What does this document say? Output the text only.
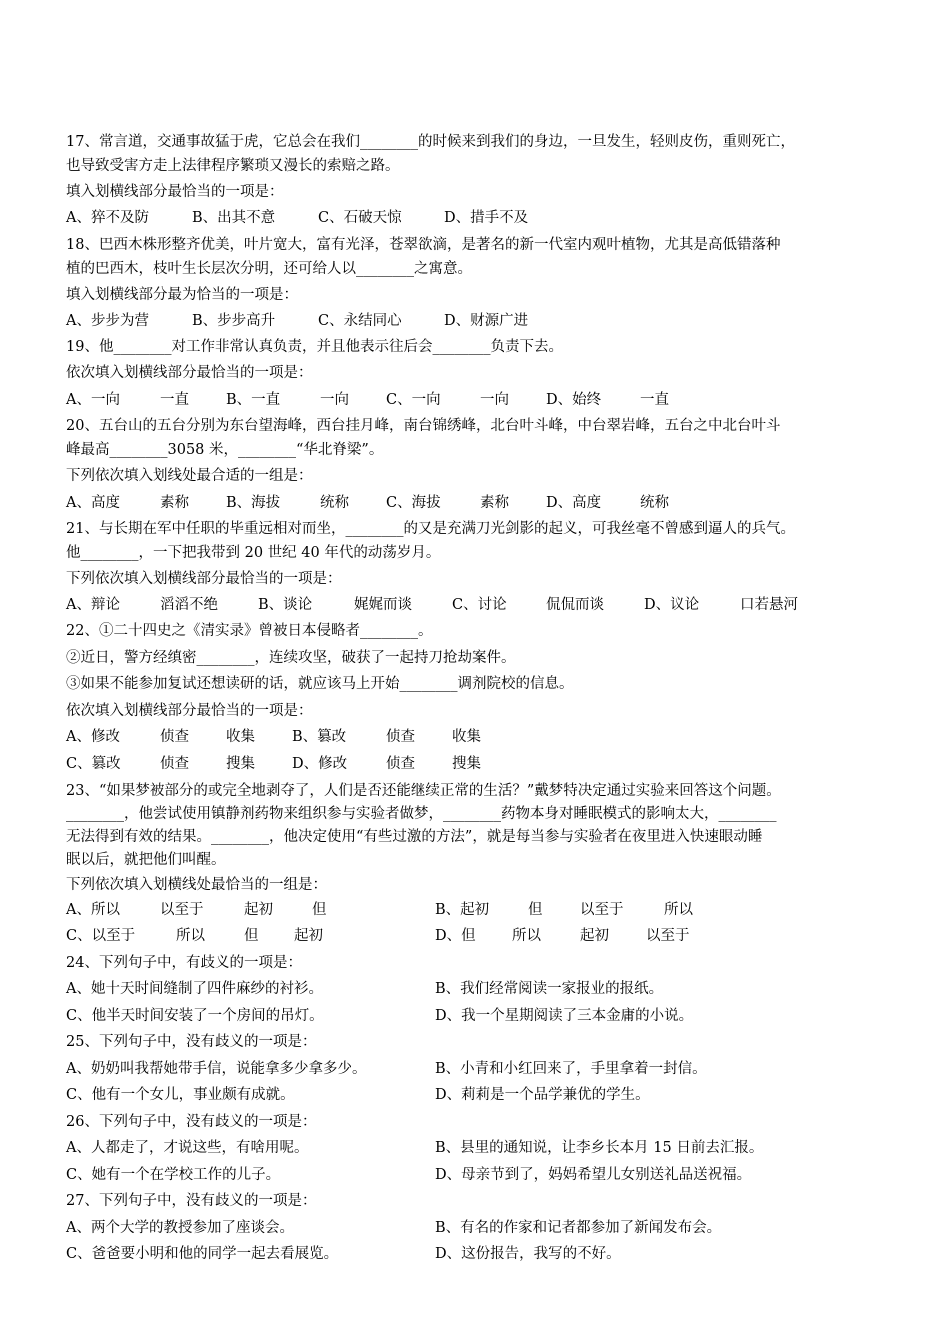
17、常言道，交通事故猛于虎，它总会在我们________的时候来到我们的身边，一旦发生，轻则皮伤，重则死亡，
也导致受害方走上法律程序繁琐又漫长的索赔之路。
填入划横线部分最恰当的一项是：
A、猝不及防	B、出其不意	C、石破天惊	D、措手不及
18、巴西木株形整齐优美，叶片宽大，富有光泽，苍翠欲滴，是著名的新一代室内观叶植物，尤其是高低错落种
植的巴西木，枝叶生长层次分明，还可给人以________之寓意。
填入划横线部分最为恰当的一项是：
A、步步为营	B、步步高升	C、永结同心	D、财源广进
19、他________对工作非常认真负责，并且他表示往后会________负责下去。
依次填入划横线部分最恰当的一项是：
A、一向	一直	B、一直	一向	C、一向	一向	D、始终	一直
20、五台山的五台分别为东台望海峰，西台挂月峰，南台锦绣峰，北台叶斗峰，中台翠岩峰，五台之中北台叶斗
峰最高________3058 米，________“华北脊梁”。
下列依次填入划线处最合适的一组是：
A、高度	素称	B、海拔	统称	C、海拔	素称	D、高度	统称
21、与长期在军中任职的毕重远相对而坐，________的又是充满刀光剑影的起义，可我丝毫不曾感到逼人的兵气。
他________，一下把我带到 20 世纪 40 年代的动荡岁月。
下列依次填入划横线部分最恰当的一项是：
A、辩论	滔滔不绝	B、谈论	娓娓而谈	C、讨论	侃侃而谈	D、议论	口若悬河
22、①二十四史之《清实录》曾被日本侵略者________。
②近日，警方经缜密________，连续攻坚，破获了一起持刀抢劫案件。
③如果不能参加复试还想读研的话，就应该马上开始________调剂院校的信息。
依次填入划横线部分最恰当的一项是：
A、修改	侦查	收集	B、篡改	侦查	收集
C、篡改	侦查	搜集	D、修改	侦查	搜集
23、“如果梦被部分的或完全地剥夺了，人们是否还能继续正常的生活？”戴梦特决定通过实验来回答这个问题。
________，他尝试使用镇静剂药物来组织参与实验者做梦，________药物本身对睡眠模式的影响太大，________
无法得到有效的结果。________，他决定使用“有些过激的方法”，就是每当参与实验者在夜里进入快速眼动睡
眠以后，就把他们叫醒。
下列依次填入划横线处最恰当的一组是：
A、所以	以至于	起初	但	B、起初	但	以至于	所以
C、以至于	所以	但 起初	D、但	所以	起初	以至于
24、下列句子中，有歧义的一项是：
A、她十天时间缝制了四件麻纱的衬衫。	B、我们经常阅读一家报业的报纸。
C、他半天时间安装了一个房间的吊灯。	D、我一个星期阅读了三本金庸的小说。
25、下列句子中，没有歧义的一项是：
A、奶奶叫我帮她带手信，说能拿多少拿多少。	B、小青和小红回来了，手里拿着一封信。
C、他有一个女儿，事业颇有成就。	D、莉莉是一个品学兼优的学生。
26、下列句子中，没有歧义的一项是：
A、人都走了，才说这些，有啥用呢。	B、县里的通知说，让李乡长本月 15 日前去汇报。
C、她有一个在学校工作的儿子。	D、母亲节到了，妈妈希望儿女别送礼品送祝福。
27、下列句子中，没有歧义的一项是：
A、两个大学的教授参加了座谈会。	B、有名的作家和记者都参加了新闻发布会。
C、爸爸要小明和他的同学一起去看展览。	D、这份报告，我写的不好。
